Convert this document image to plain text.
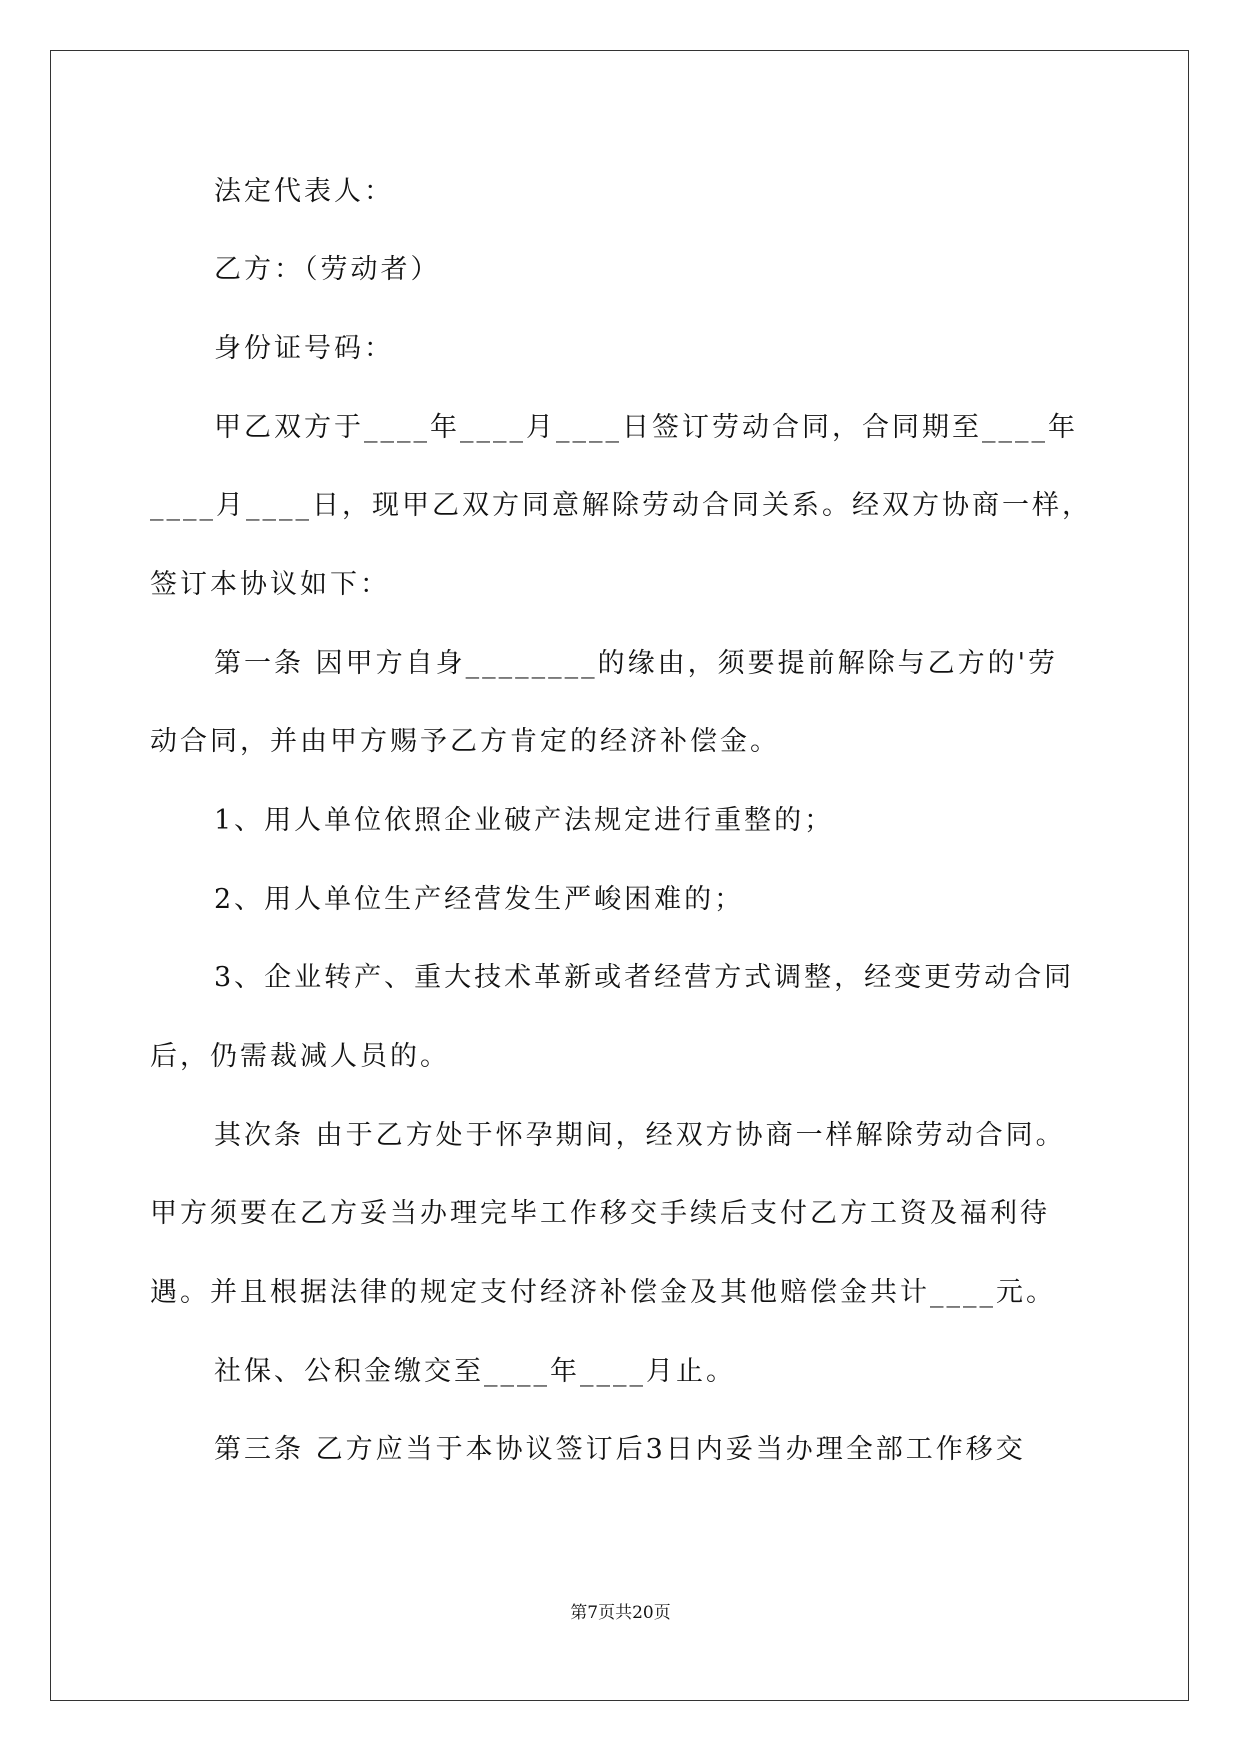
法定代表人：
乙方：（劳动者）
身份证号码：
甲乙双方于____年____月____日签订劳动合同，合同期至____年
____月____日，现甲乙双方同意解除劳动合同关系。经双方协商一样，
签订本协议如下：
第一条 因甲方自身________的缘由，须要提前解除与乙方的'劳
动合同，并由甲方赐予乙方肯定的经济补偿金。
1、用人单位依照企业破产法规定进行重整的；
2、用人单位生产经营发生严峻困难的；
3、企业转产、重大技术革新或者经营方式调整，经变更劳动合同
后，仍需裁减人员的。
其次条 由于乙方处于怀孕期间，经双方协商一样解除劳动合同。
甲方须要在乙方妥当办理完毕工作移交手续后支付乙方工资及福利待
遇。并且根据法律的规定支付经济补偿金及其他赔偿金共计____元。
社保、公积金缴交至____年____月止。
第三条 乙方应当于本协议签订后3日内妥当办理全部工作移交
第7页共20页
